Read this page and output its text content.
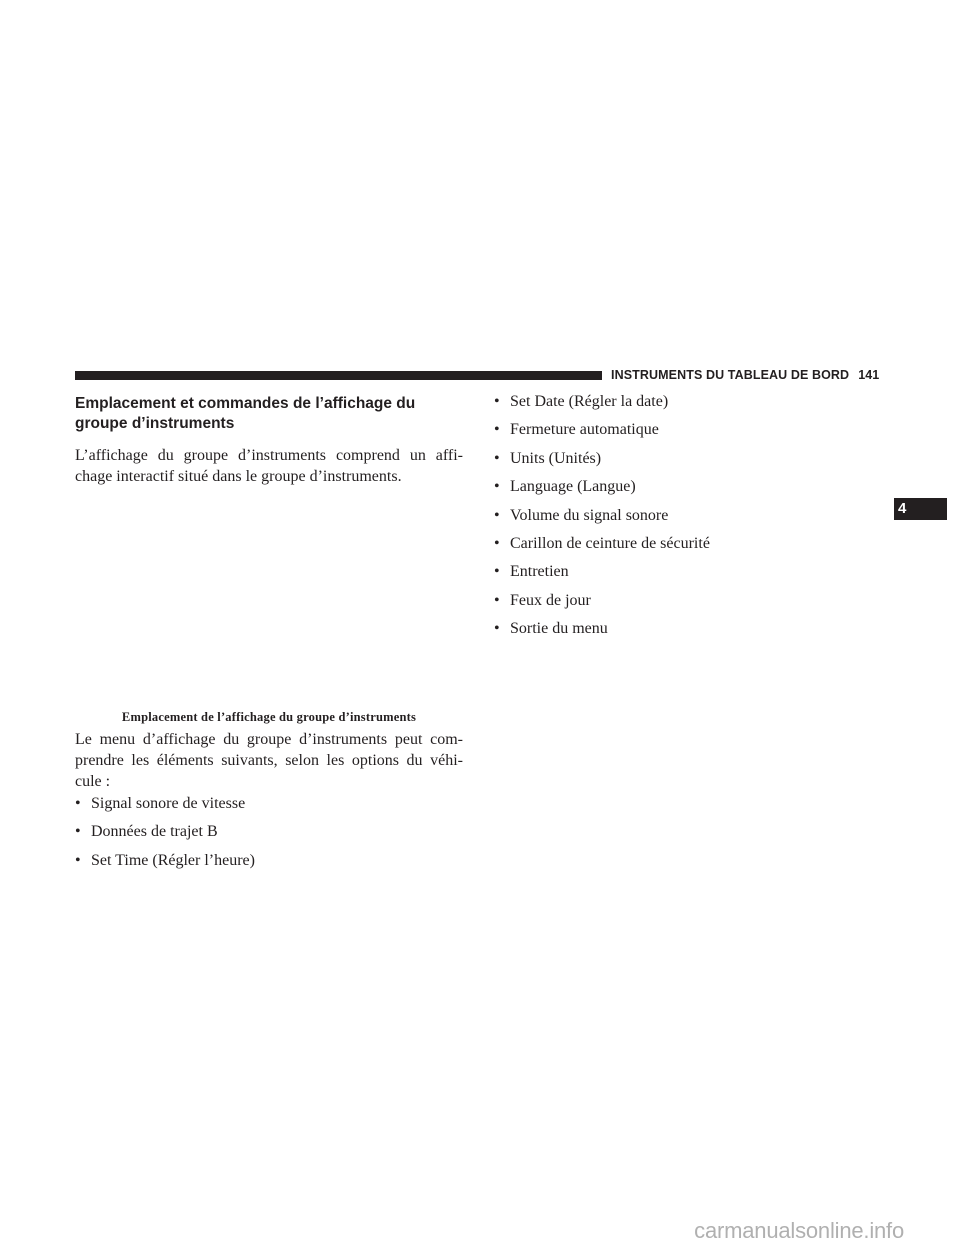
INSTRUMENTS DU TABLEAU DE BORD 141
4
Emplacement et commandes de l’affichage du
groupe d’instruments

L’affichage du groupe d’instruments comprend un affi-
chage interactif situé dans le groupe d’instruments.

Emplacement de l’affichage du groupe d’instruments

Le menu d’affichage du groupe d’instruments peut com-
prendre les éléments suivants, selon les options du véhi-
cule :

• Signal sonore de vitesse
• Données de trajet B
• Set Time (Régler l’heure)
• Set Date (Régler la date)
• Fermeture automatique
• Units (Unités)
• Language (Langue)
• Volume du signal sonore
• Carillon de ceinture de sécurité
• Entretien
• Feux de jour
• Sortie du menu
carmanualsonline.info
